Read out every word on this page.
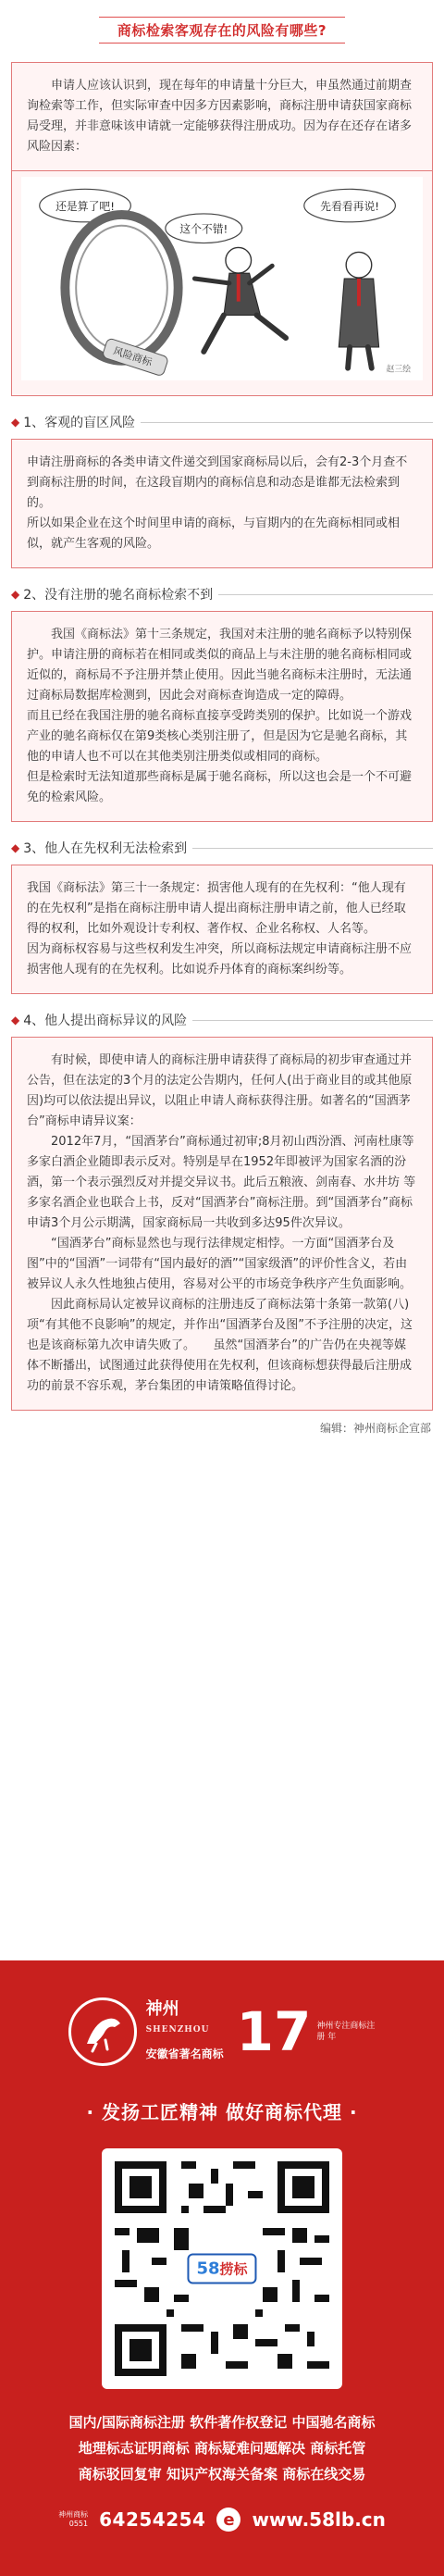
商标检索客观存在的风险有哪些?

申请人应该认识到，现在每年的申请量十分巨大，申虽然通过前期查询检索等工作，但实际审查中因多方因素影响，商标注册申请获国家商标局受理，并非意味该申请就一定能够获得注册成功。因为存在还存在诸多风险因素：

还是算了吧!
这个不错!
先看看再说!
风险商标
赵三绘
◆ 1、 客观的盲区风险

申请注册商标的各类申请文件递交到国家商标局以后，会有2-3个月查不到商标注册的时间，在这段盲期内的商标信息和动态是谁都无法检索到的。

所以如果企业在这个时间里申请的商标，与盲期内的在先商标相同或相似，就产生客观的风险。

◆ 2、 没有注册的驰名商标检索不到

我国《商标法》第十三条规定，我国对未注册的驰名商标予以特别保护。申请注册的商标若在相同或类似的商品上与未注册的驰名商标相同或近似的，商标局不予注册并禁止使用。因此当驰名商标未注册时，无法通过商标局数据库检测到，因此会对商标查询造成一定的障碍。

而且已经在我国注册的驰名商标直接享受跨类别的保护。比如说一个游戏产业的驰名商标仅在第9类核心类别注册了，但是因为它是驰名商标，其他的申请人也不可以在其他类别注册类似或相同的商标。

但是检索时无法知道那些商标是属于驰名商标，所以这也会是一个不可避免的检索风险。

◆ 3、 他人在先权利无法检索到

我国《商标法》第三十一条规定：损害他人现有的在先权利：“他人现有的在先权利”是指在商标注册申请人提出商标注册申请之前，他人已经取得的权利，比如外观设计专利权、著作权、企业名称权、人名等。

因为商标权容易与这些权利发生冲突，所以商标法规定申请商标注册不应损害他人现有的在先权利。比如说乔丹体育的商标案纠纷等。

◆ 4、 他人提出商标异议的风险

有时候，即使申请人的商标注册申请获得了商标局的初步审查通过并公告，但在法定的3个月的法定公告期内，任何人(出于商业目的或其他原因)均可以依法提出异议，以阻止申请人商标获得注册。如著名的“国酒茅台”商标申请异议案：

2012年7月，“国酒茅台”商标通过初审;8月初山西汾酒、河南杜康等多家白酒企业随即表示反对。特别是早在1952年即被评为国家名酒的汾酒，第一个表示强烈反对并提交异议书。此后五粮液、剑南春、水井坊 等多家名酒企业也联合上书，反对“国酒茅台”商标注册。到“国酒茅台”商标申请3个月公示期满，国家商标局一共收到多达95件次异议。

“国酒茅台”商标显然也与现行法律规定相悖。一方面“国酒茅台及图”中的“国酒”一词带有“国内最好的酒”“国家级酒”的评价性含义，若由被异议人永久性地独占使用，容易对公平的市场竞争秩序产生负面影响。

因此商标局认定被异议商标的注册违反了商标法第十条第一款第(八)项“有其他不良影响”的规定，并作出“国酒茅台及图”不予注册的决定，这也是该商标第九次申请失败了。　　虽然“国酒茅台”的广告仍在央视等媒体不断播出，试图通过此获得使用在先权利，但该商标想获得最后注册成功的前景不容乐观，茅台集团的申请策略值得讨论。

编辑：神州商标企宣部
神州
SHENZHOU
安徽省著名商标 17 神州专注商标注册 年
· 发扬工匠精神 做好商标代理 ·
58捞标
国内/国际商标注册 软件著作权登记 中国驰名商标
地理标志证明商标 商标疑难问题解决 商标托管
商标驳回复审 知识产权海关备案 商标在线交易
神州商标
0551 64254254	e www.58lb.cn
